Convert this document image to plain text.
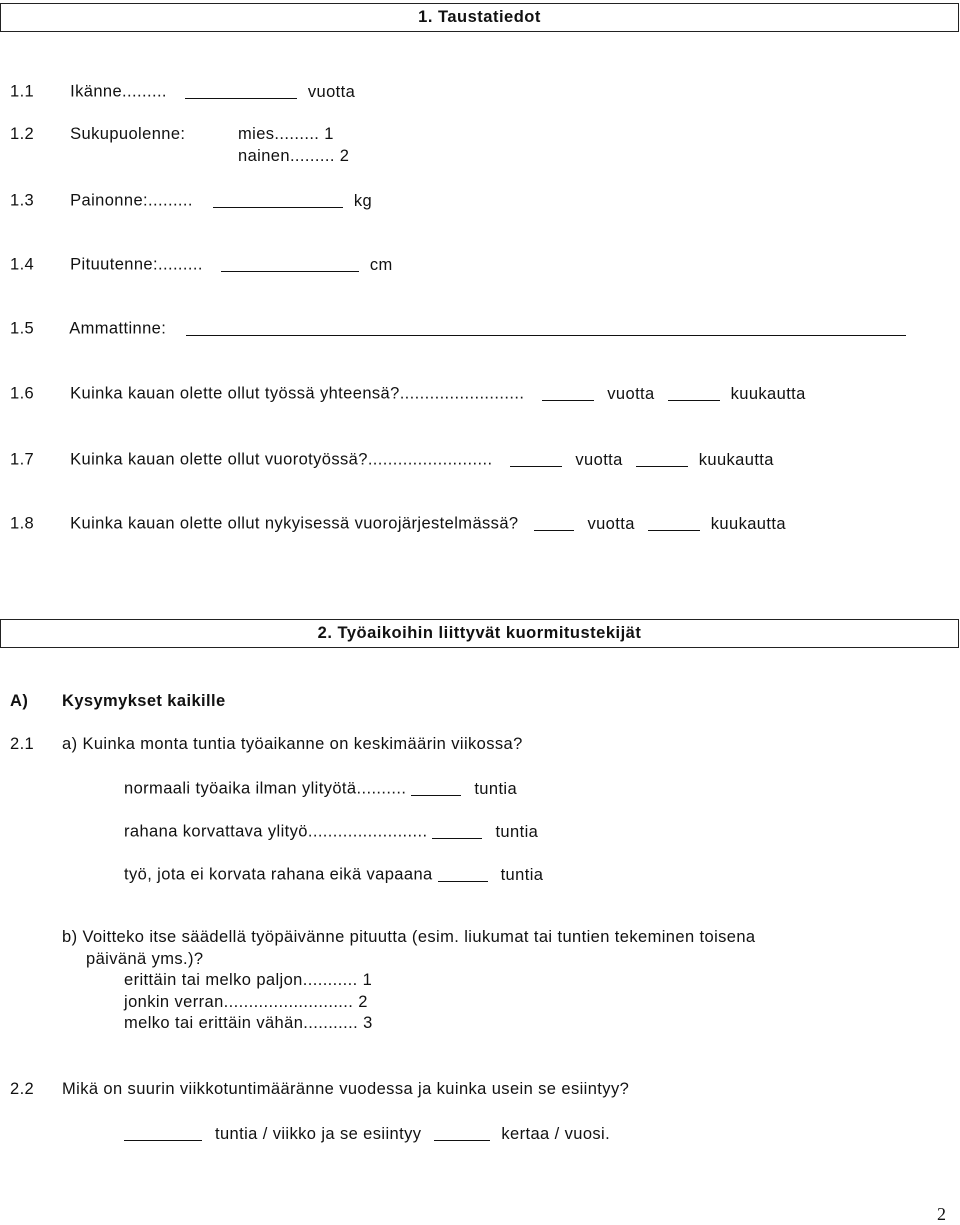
1. Taustatiedot
1.1 Ikänne.........	vuotta
1.2 Sukupuolenne:	mies......... 1
nainen......... 2
1.3 Painonne:.........	kg
1.4 Pituutenne:.........	cm
1.5 Ammattinne:
1.6 Kuinka kauan olette ollut työssä yhteensä?.........................	vuotta	kuukautta
1.7 Kuinka kauan olette ollut vuorotyössä?.........................	vuotta	kuukautta
1.8 Kuinka kauan olette ollut nykyisessä vuorojärjestelmässä?	vuotta	kuukautta
2. Työaikoihin liittyvät kuormitustekijät
A) Kysymykset kaikille
2.1 a) Kuinka monta tuntia työaikanne on keskimäärin viikossa?
normaali työaika ilman ylityötä..........	tuntia
rahana korvattava ylityö........................	tuntia
työ, jota ei korvata rahana eikä vapaana	tuntia
b) Voitteko itse säädellä työpäivänne pituutta (esim. liukumat tai tuntien tekeminen toisena
päivänä yms.)?
erittäin tai melko paljon........... 1
jonkin verran.......................... 2
melko tai erittäin vähän........... 3
2.2 Mikä on suurin viikkotuntimääränne vuodessa ja kuinka usein se esiintyy?
tuntia / viikko ja se esiintyy	kertaa / vuosi.
2
